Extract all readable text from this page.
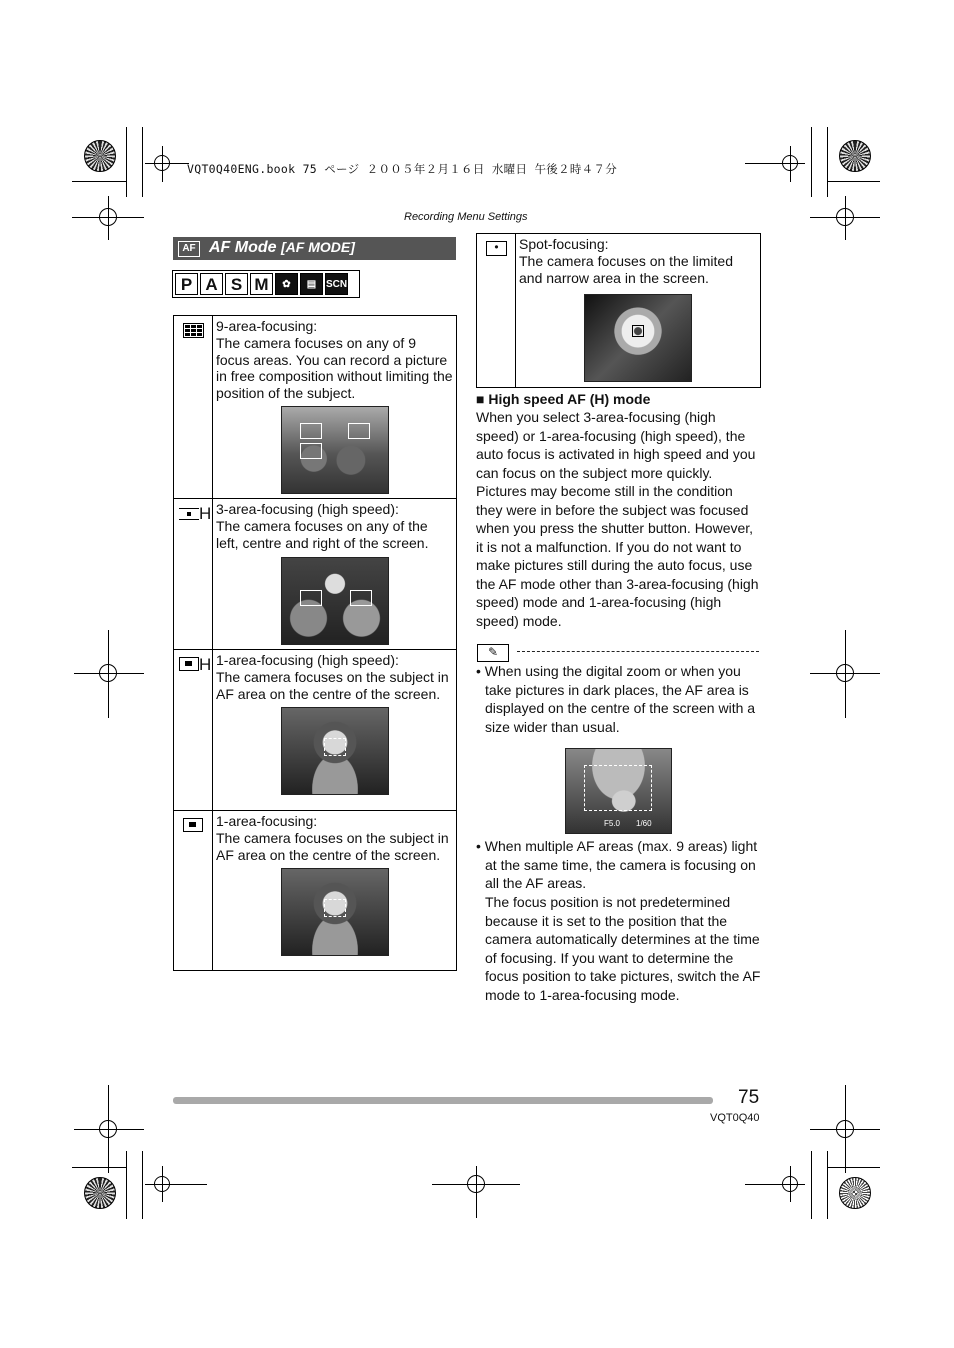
VQT0Q40ENG.book 75 ページ ２００５年２月１６日 水曜日 午後２時４７分
Recording Menu Settings
AF AF Mode [AF MODE]
P A S M	✿	▤ SCN

	9-area-focusing:
The camera focuses on any of 9 focus areas. You can record a picture in free composition without limiting the position of the subject.

H	3-area-focusing (high speed):
The camera focuses on any of the left, centre and right of the screen.

H	1-area-focusing (high speed):
The camera focuses on the subject in AF area on the centre of the screen.

	1-area-focusing:
The camera focuses on the subject in AF area on the centre of the screen.
•	Spot-focusing:
The camera focuses on the limited and narrow area in the screen.
■ High speed AF (H) mode
When you select 3-area-focusing (high speed) or 1-area-focusing (high speed), the auto focus is activated in high speed and you can focus on the subject more quickly. Pictures may become still in the condition they were in before the subject was focused when you press the shutter button. However, it is not a malfunction. If you do not want to make pictures still during the auto focus, use the AF mode other than 3-area-focusing (high speed) mode and 1-area-focusing (high speed) mode.
✎
• When using the digital zoom or when you take pictures in dark places, the AF area is displayed on the centre of the screen with a size wider than usual.
F5.0 1/60
• When multiple AF areas (max. 9 areas) light at the same time, the camera is focusing on all the AF areas.
The focus position is not predetermined because it is set to the position that the camera automatically determines at the time of focusing. If you want to determine the focus position to take pictures, switch the AF mode to 1-area-focusing mode.
75
VQT0Q40
